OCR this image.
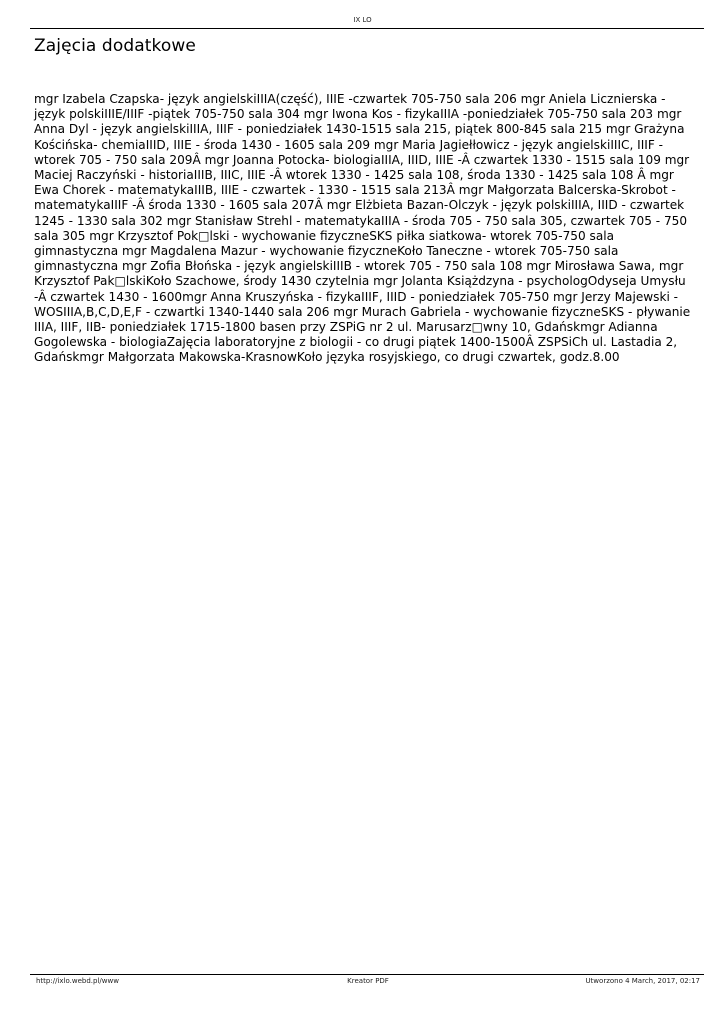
IX LO
Zajęcia dodatkowe

mgr Izabela Czapska- język angielskiIIIA(część), IIIE -czwartek 705-750 sala 206 mgr Aniela Licznierska - język polskiIIIE/IIIF -piątek 705-750 sala 304 mgr Iwona Kos - fizykaIIIA -poniedziałek 705-750 sala 203 mgr Anna Dyl - język angielskiIIIA, IIIF - poniedziałek 1430-1515 sala 215, piątek 800-845 sala 215 mgr Grażyna Kościńska- chemiaIIID, IIIE - środa 1430 - 1605 sala 209 mgr Maria Jagiełłowicz - język angielskiIIIC, IIIF - wtorek 705 - 750 sala 209Â mgr Joanna Potocka- biologiaIIIA, IIID, IIIE -Â czwartek 1330 - 1515 sala 109 mgr Maciej Raczyński - historiaIIIB, IIIC, IIIE -Â wtorek 1330 - 1425 sala 108, środa 1330 - 1425 sala 108 Â mgr Ewa Chorek - matematykaIIIB, IIIE - czwartek - 1330 - 1515 sala 213Â mgr Małgorzata Balcerska-Skrobot - matematykaIIIF -Â środa 1330 - 1605 sala 207Â mgr Elżbieta Bazan-Olczyk - język polskiIIIA, IIID - czwartek 1245 - 1330 sala 302 mgr Stanisław Strehl - matematykaIIIA - środa 705 - 750 sala 305, czwartek 705 - 750 sala 305 mgr Krzysztof Pok□lski - wychowanie fizyczneSKS piłka siatkowa- wtorek 705-750 sala gimnastyczna mgr Magdalena Mazur - wychowanie fizyczneKoło Taneczne - wtorek 705-750 sala gimnastyczna mgr Zofia Błońska - język angielskiIIIB - wtorek 705 - 750 sala 108 mgr Mirosława Sawa, mgr Krzysztof Pak□lskiKoło Szachowe, środy 1430 czytelnia mgr Jolanta Książdzyna - psychologOdyseja Umysłu -Â czwartek 1430 - 1600mgr Anna Kruszyńska - fizykaIIIF, IIID - poniedziałek 705-750 mgr Jerzy Majewski -WOSIIIA,B,C,D,E,F - czwartki 1340-1440 sala 206 mgr Murach Gabriela - wychowanie fizyczneSKS - pływanie IIIA, IIIF, IIB- poniedziałek 1715-1800 basen przy ZSPiG nr 2 ul. Marusarz□wny 10, Gdańskmgr Adianna Gogolewska - biologiaZajęcia laboratoryjne z biologii - co drugi piątek 1400-1500Â ZSPSiCh ul. Lastadia 2, Gdańskmgr Małgorzata Makowska-KrasnowKoło języka rosyjskiego, co drugi czwartek, godz.8.00

Kreator PDF
http://ixlo.webd.pl/www	Utworzono 4 March, 2017, 02:17
